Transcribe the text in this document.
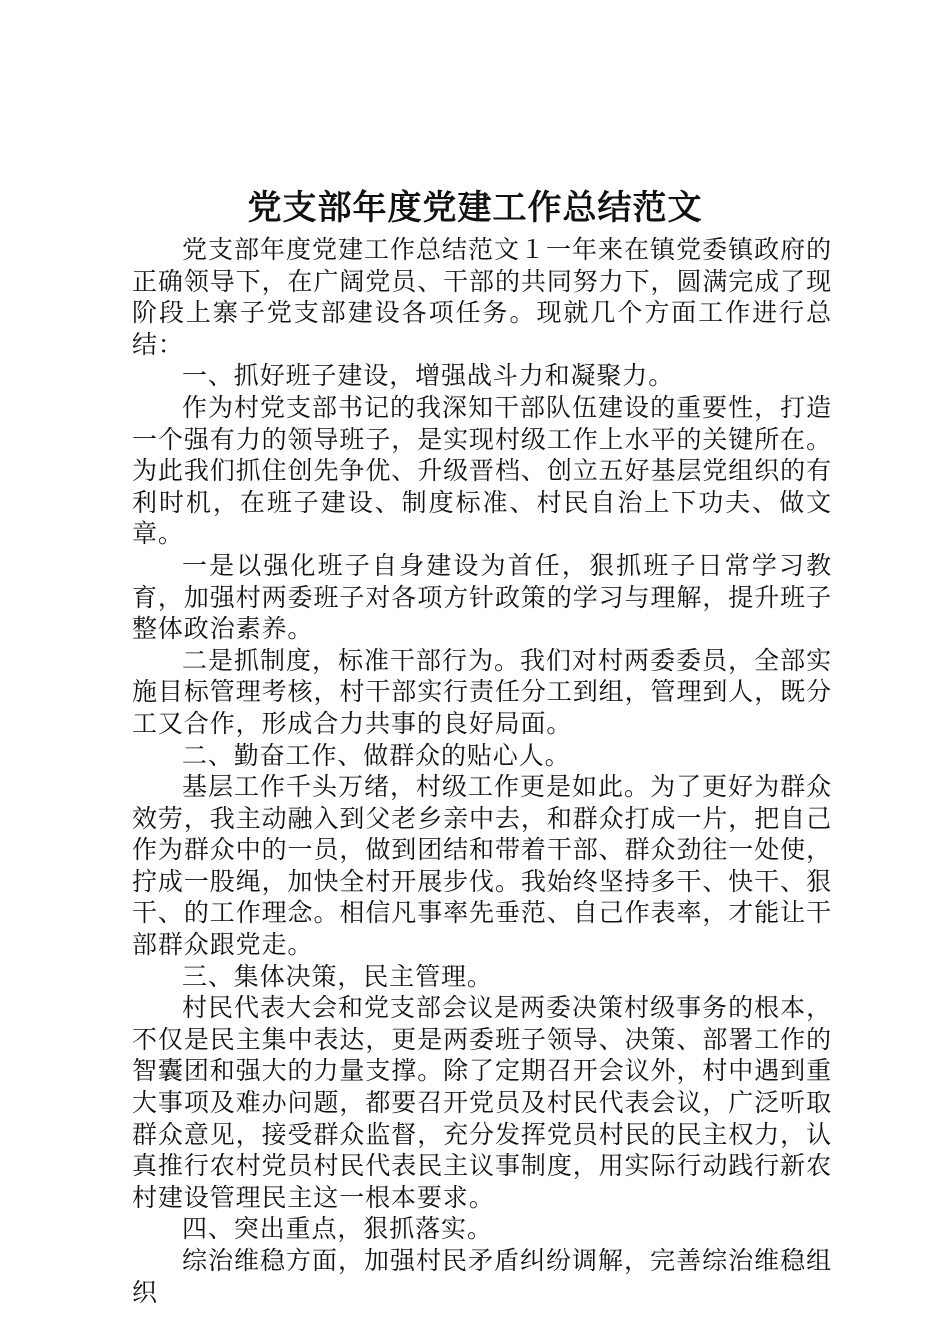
党支部年度党建工作总结范文

党支部年度党建工作总结范文１一年来在镇党委镇政府的正确领导下，在广阔党员、干部的共同努力下，圆满完成了现阶段上寨子党支部建设各项任务。现就几个方面工作进行总结：

一、抓好班子建设，增强战斗力和凝聚力。

作为村党支部书记的我深知干部队伍建设的重要性，打造一个强有力的领导班子，是实现村级工作上水平的关键所在。为此我们抓住创先争优、升级晋档、创立五好基层党组织的有利时机，在班子建设、制度标准、村民自治上下功夫、做文章。

一是以强化班子自身建设为首任，狠抓班子日常学习教育，加强村两委班子对各项方针政策的学习与理解，提升班子整体政治素养。

二是抓制度，标准干部行为。我们对村两委委员，全部实施目标管理考核，村干部实行责任分工到组，管理到人，既分工又合作，形成合力共事的良好局面。

二、勤奋工作、做群众的贴心人。

基层工作千头万绪，村级工作更是如此。为了更好为群众效劳，我主动融入到父老乡亲中去，和群众打成一片，把自己作为群众中的一员，做到团结和带着干部、群众劲往一处使，拧成一股绳，加快全村开展步伐。我始终坚持多干、快干、狠干、的工作理念。相信凡事率先垂范、自己作表率，才能让干部群众跟党走。

三、集体决策，民主管理。

村民代表大会和党支部会议是两委决策村级事务的根本，不仅是民主集中表达，更是两委班子领导、决策、部署工作的智囊团和强大的力量支撑。除了定期召开会议外，村中遇到重大事项及难办问题，都要召开党员及村民代表会议，广泛听取群众意见，接受群众监督，充分发挥党员村民的民主权力，认真推行农村党员村民代表民主议事制度，用实际行动践行新农村建设管理民主这一根本要求。

四、突出重点，狠抓落实。

综治维稳方面，加强村民矛盾纠纷调解，完善综治维稳组织
